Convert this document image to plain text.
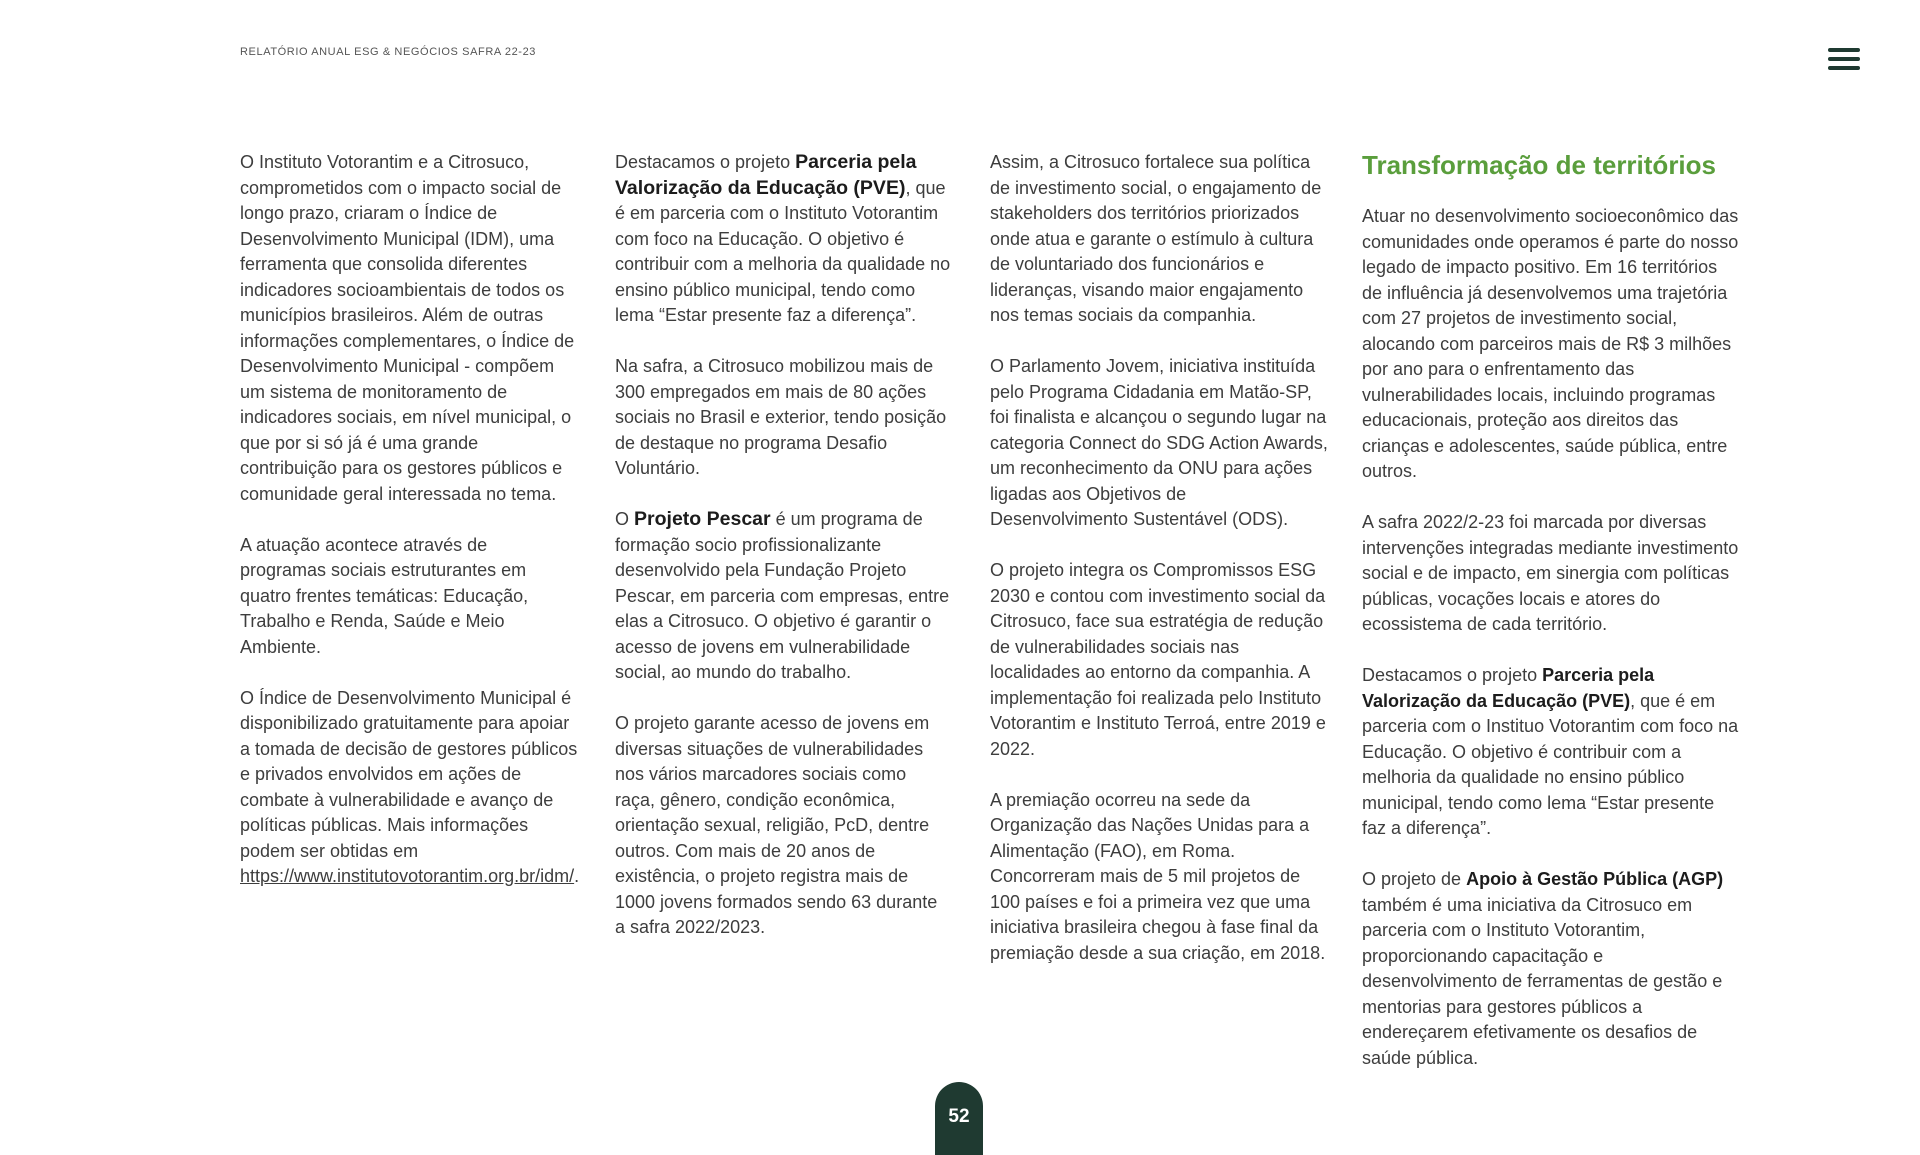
RELATÓRIO ANUAL ESG & NEGÓCIOS SAFRA 22-23

O Instituto Votorantim e a Citrosuco, comprometidos com o impacto social de longo prazo, criaram o Índice de Desenvolvimento Municipal (IDM), uma ferramenta que consolida diferentes indicadores socioambientais de todos os municípios brasileiros. Além de outras informações complementares, o Índice de Desenvolvimento Municipal - compõem um sistema de monitoramento de indicadores sociais, em nível municipal, o que por si só já é uma grande contribuição para os gestores públicos e comunidade geral interessada no tema.

A atuação acontece através de programas sociais estruturantes em quatro frentes temáticas: Educação, Trabalho e Renda, Saúde e Meio Ambiente.

O Índice de Desenvolvimento Municipal é disponibilizado gratuitamente para apoiar a tomada de decisão de gestores públicos e privados envolvidos em ações de combate à vulnerabilidade e avanço de políticas públicas. Mais informações podem ser obtidas em https://www.institutovotorantim.org.br/idm/.

Destacamos o projeto Parceria pela Valorização da Educação (PVE), que é em parceria com o Instituto Votorantim com foco na Educação. O objetivo é contribuir com a melhoria da qualidade no ensino público municipal, tendo como lema “Estar presente faz a diferença”.

Na safra, a Citrosuco mobilizou mais de 300 empregados em mais de 80 ações sociais no Brasil e exterior, tendo posição de destaque no programa Desafio Voluntário.

O Projeto Pescar é um programa de formação socio profissionalizante desenvolvido pela Fundação Projeto Pescar, em parceria com empresas, entre elas a Citrosuco. O objetivo é garantir o acesso de jovens em vulnerabilidade social, ao mundo do trabalho.

O projeto garante acesso de jovens em diversas situações de vulnerabilidades nos vários marcadores sociais como raça, gênero, condição econômica, orientação sexual, religião, PcD, dentre outros. Com mais de 20 anos de existência, o projeto registra mais de 1000 jovens formados sendo 63 durante a safra 2022/2023.

Assim, a Citrosuco fortalece sua política de investimento social, o engajamento de stakeholders dos territórios priorizados onde atua e garante o estímulo à cultura de voluntariado dos funcionários e lideranças, visando maior engajamento nos temas sociais da companhia.

O Parlamento Jovem, iniciativa instituída pelo Programa Cidadania em Matão-SP, foi finalista e alcançou o segundo lugar na categoria Connect do SDG Action Awards, um reconhecimento da ONU para ações ligadas aos Objetivos de Desenvolvimento Sustentável (ODS).

O projeto integra os Compromissos ESG 2030 e contou com investimento social da Citrosuco, face sua estratégia de redução de vulnerabilidades sociais nas localidades ao entorno da companhia. A implementação foi realizada pelo Instituto Votorantim e Instituto Terroá, entre 2019 e 2022.

A premiação ocorreu na sede da Organização das Nações Unidas para a Alimentação (FAO), em Roma. Concorreram mais de 5 mil projetos de 100 países e foi a primeira vez que uma iniciativa brasileira chegou à fase final da premiação desde a sua criação, em 2018.

Transformação de territórios

Atuar no desenvolvimento socioeconômico das comunidades onde operamos é parte do nosso legado de impacto positivo. Em 16 territórios de influência já desenvolvemos uma trajetória com 27 projetos de investimento social, alocando com parceiros mais de R$ 3 milhões por ano para o enfrentamento das vulnerabilidades locais, incluindo programas educacionais, proteção aos direitos das crianças e adolescentes, saúde pública, entre outros.

A safra 2022/2-23 foi marcada por diversas intervenções integradas mediante investimento social e de impacto, em sinergia com políticas públicas, vocações locais e atores do ecossistema de cada território.

Destacamos o projeto Parceria pela Valorização da Educação (PVE), que é em parceria com o Instituo Votorantim com foco na Educação. O objetivo é contribuir com a melhoria da qualidade no ensino público municipal, tendo como lema “Estar presente faz a diferença”.

O projeto de Apoio à Gestão Pública (AGP) também é uma iniciativa da Citrosuco em parceria com o Instituto Votorantim, proporcionando capacitação e desenvolvimento de ferramentas de gestão e mentorias para gestores públicos a endereçarem efetivamente os desafios de saúde pública.

52
